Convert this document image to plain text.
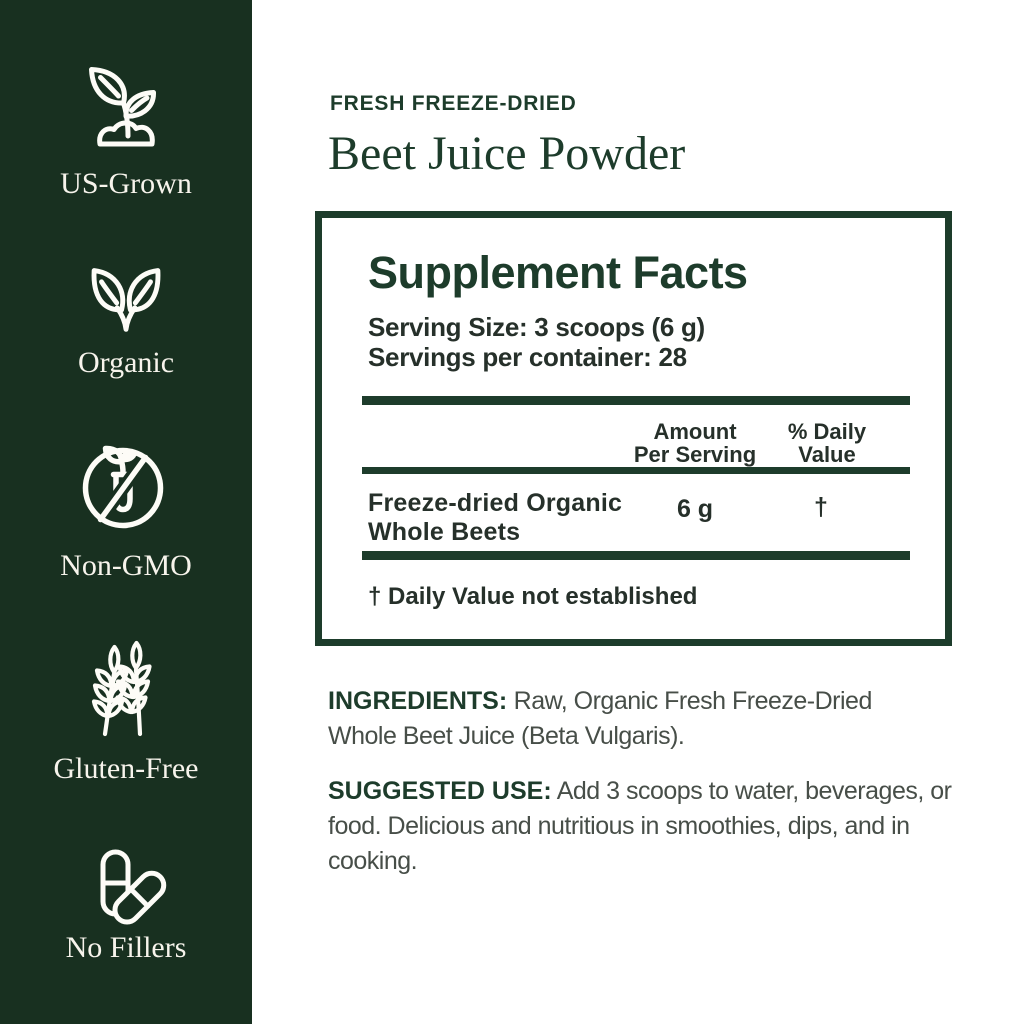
US-Grown
Organic
Non-GMO
Gluten-Free
No Fillers
FRESH FREEZE-DRIED
Beet Juice Powder
Supplement Facts
Serving Size: 3 scoops (6 g)
Servings per container: 28
Amount
Per Serving
% Daily
Value
Freeze-dried Organic
Whole Beets
6 g	†
† Daily Value not established
INGREDIENTS: Raw, Organic Fresh Freeze-Dried
Whole Beet Juice (Beta Vulgaris).
SUGGESTED USE: Add 3 scoops to water, beverages, or
food. Delicious and nutritious in smoothies, dips, and in
cooking.
